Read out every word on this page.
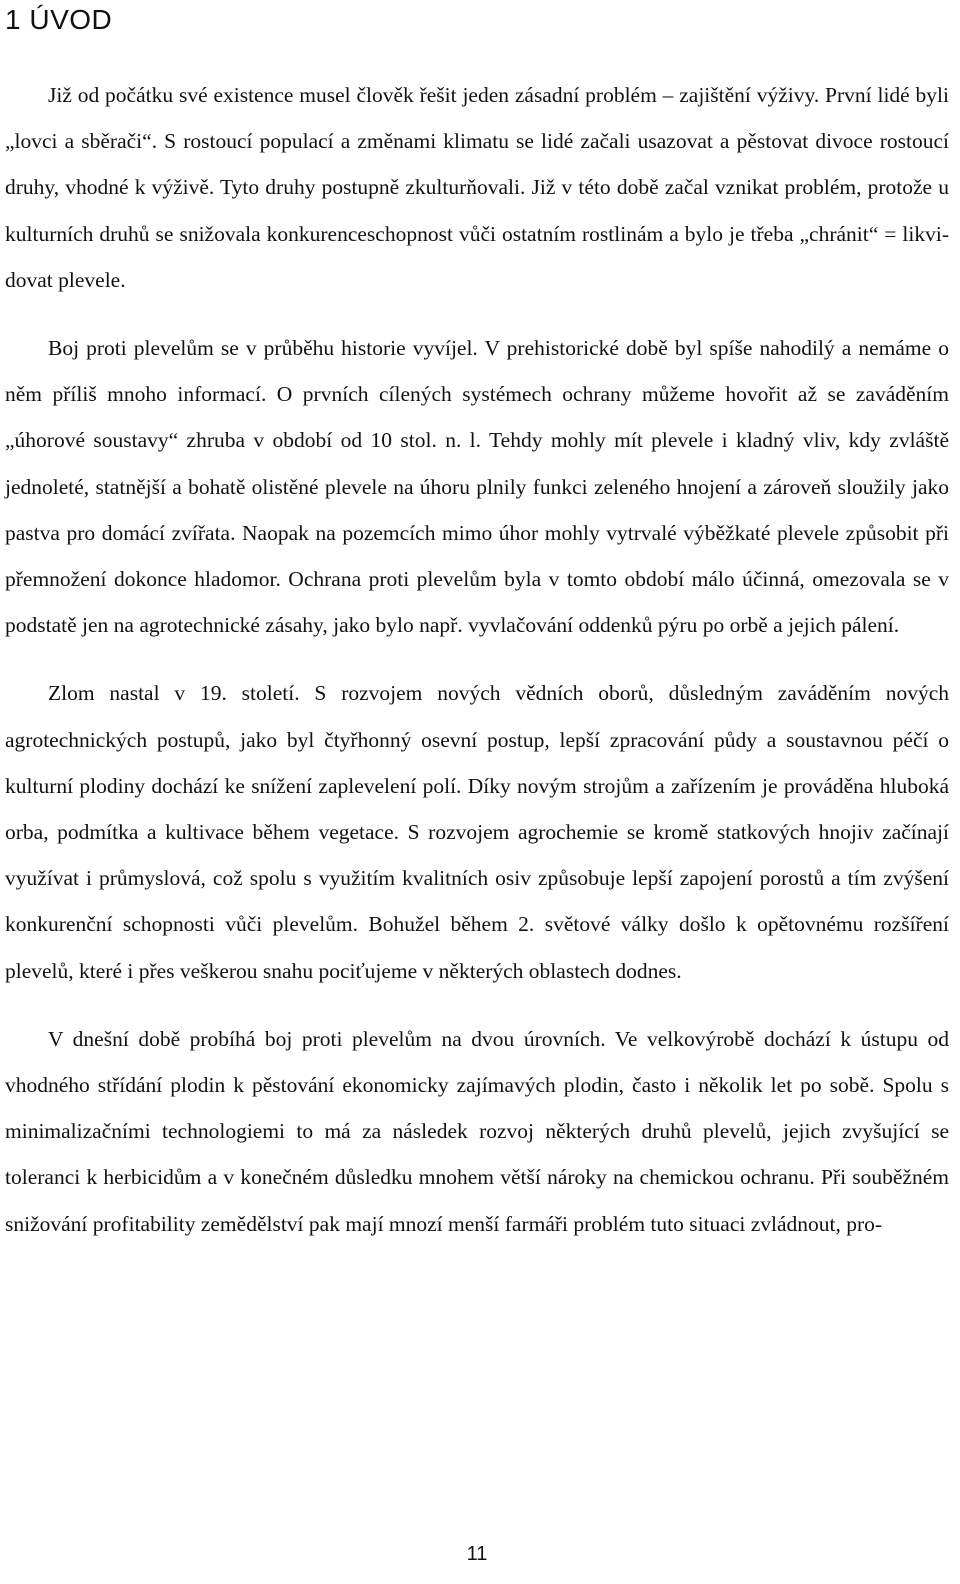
1 ÚVOD

Již od počátku své existence musel člověk řešit jeden zásadní problém – zajištění výživy. První lidé byli „lovci a sběrači“. S rostoucí populací a změnami klimatu se lidé začali usazovat a pěstovat divoce rostoucí druhy, vhodné k výživě. Tyto druhy postupně zkulturňovali. Již v této době začal vznikat problém, protože u kulturních druhů se snižovala konkurenceschopnost vůči ostatním rostlinám a bylo je třeba „chránit“ = likvidovat plevele.

Boj proti plevelům se v průběhu historie vyvíjel. V prehistorické době byl spíše nahodilý a nemáme o něm příliš mnoho informací. O prvních cílených systémech ochrany můžeme hovořit až se zaváděním „úhorové soustavy“ zhruba v období od 10 stol. n. l. Tehdy mohly mít plevele i kladný vliv, kdy zvláště jednoleté, statnější a bohatě olistěné plevele na úhoru plnily funkci zeleného hnojení a zároveň sloužily jako pastva pro domácí zvířata. Naopak na pozemcích mimo úhor mohly vytrvalé výběžkaté plevele způsobit při přemnožení dokonce hladomor. Ochrana proti plevelům byla v tomto období málo účinná, omezovala se v podstatě jen na agrotechnické zásahy, jako bylo např. vyvlačování oddenků pýru po orbě a jejich pálení.

Zlom nastal v 19. století. S rozvojem nových vědních oborů, důsledným zaváděním nových agrotechnických postupů, jako byl čtyřhonný osevní postup, lepší zpracování půdy a soustavnou péčí o kulturní plodiny dochází ke snížení zaplevelení polí. Díky novým strojům a zařízením je prováděna hluboká orba, podmítka a kultivace během vegetace. S rozvojem agrochemie se kromě statkových hnojiv začínají využívat i průmyslová, což spolu s využitím kvalitních osiv způsobuje lepší zapojení porostů a tím zvýšení konkurenční schopnosti vůči plevelům. Bohužel během 2. světové války došlo k opětovnému rozšíření plevelů, které i přes veškerou snahu pociťujeme v některých oblastech dodnes.

V dnešní době probíhá boj proti plevelům na dvou úrovních. Ve velkovýrobě dochází k ústupu od vhodného střídání plodin k pěstování ekonomicky zajímavých plodin, často i několik let po sobě. Spolu s minimalizačními technologiemi to má za následek rozvoj některých druhů plevelů, jejich zvyšující se toleranci k herbicidům a v konečném důsledku mnohem větší nároky na chemickou ochranu. Při souběžném snižování profitability zemědělství pak mají mnozí menší farmáři problém tuto situaci zvládnout, pro-

11
